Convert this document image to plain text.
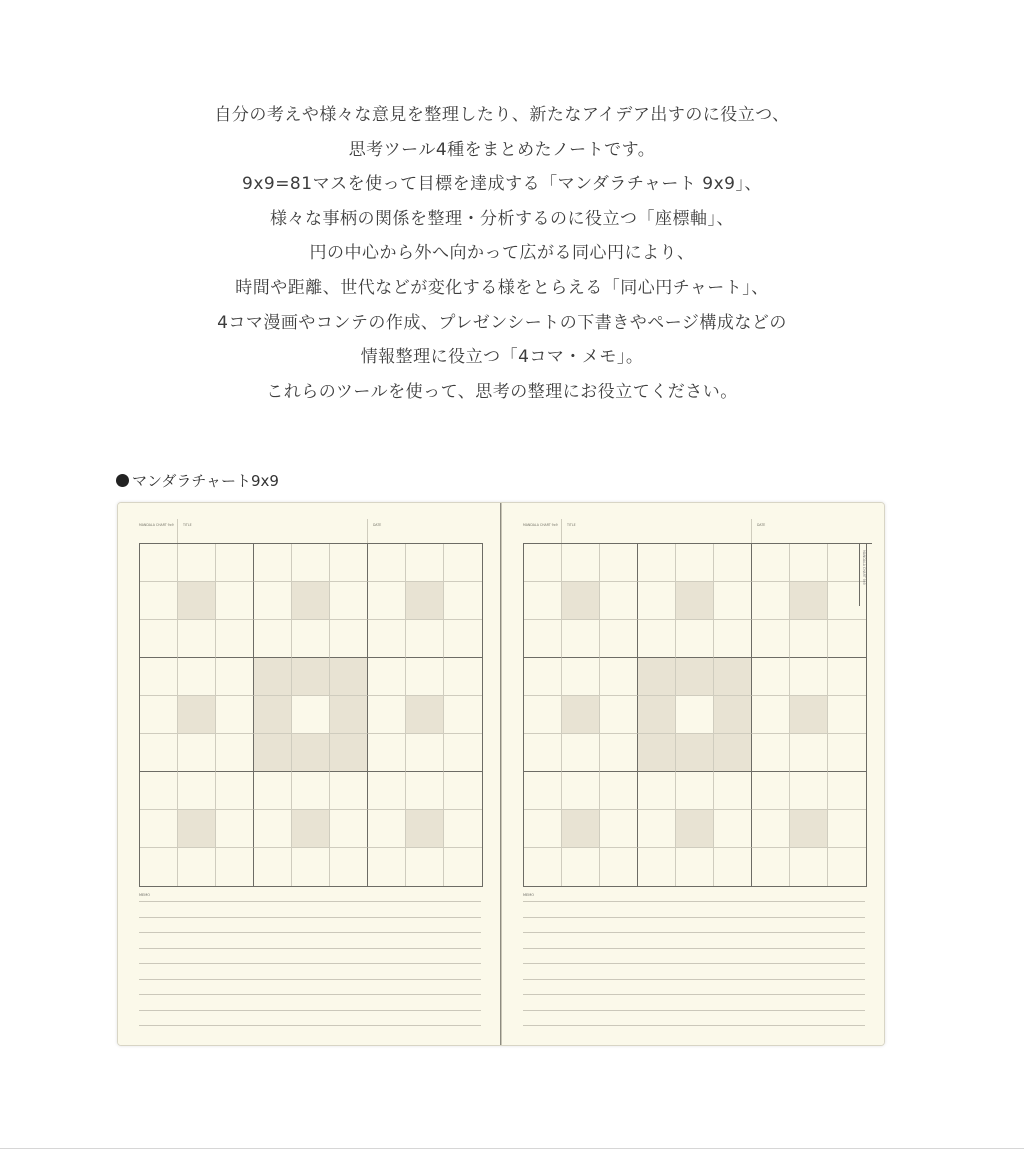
自分の考えや様々な意見を整理したり、新たなアイデア出すのに役立つ、

思考ツール4種をまとめたノートです。

9x9=81マスを使って目標を達成する「マンダラチャート 9x9」、

様々な事柄の関係を整理・分析するのに役立つ「座標軸」、

円の中心から外へ向かって広がる同心円により、

時間や距離、世代などが変化する様をとらえる「同心円チャート」、

4コマ漫画やコンテの作成、プレゼンシートの下書きやページ構成などの

情報整理に役立つ「4コマ・メモ」。

これらのツールを使って、思考の整理にお役立てください。

マンダラチャート9x9
MANDALA CHART 9x9	TITLE	DATE
MEMO
MANDALA CHART 9x9	TITLE	DATE
MANDALA CHART 9x9
MEMO
